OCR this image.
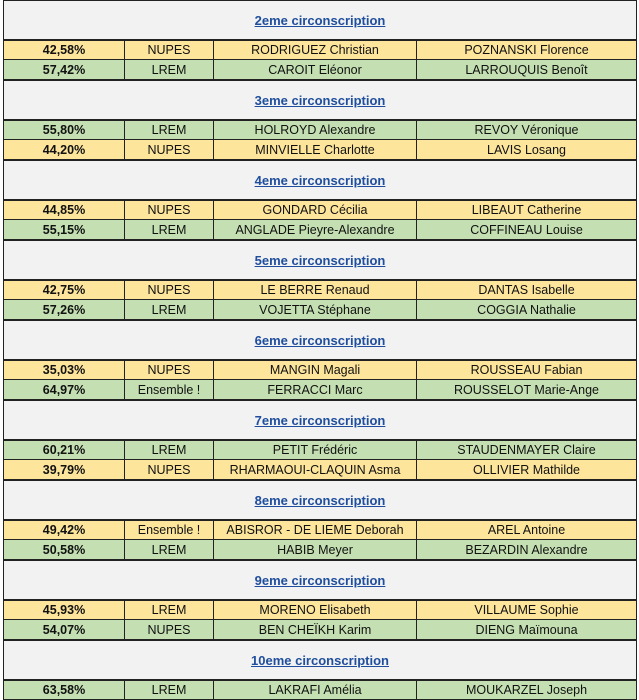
2eme circonscription
42,58%	NUPES	RODRIGUEZ Christian	POZNANSKI Florence
57,42%	LREM	CAROIT Eléonor	LARROUQUIS Benoît
3eme circonscription
55,80%	LREM	HOLROYD Alexandre	REVOY Véronique
44,20%	NUPES	MINVIELLE Charlotte	LAVIS Losang
4eme circonscription
44,85%	NUPES	GONDARD Cécilia	LIBEAUT Catherine
55,15%	LREM	ANGLADE Pieyre-Alexandre	COFFINEAU Louise
5eme circonscription
42,75%	NUPES	LE BERRE Renaud	DANTAS Isabelle
57,26%	LREM	VOJETTA Stéphane	COGGIA Nathalie
6eme circonscription
35,03%	NUPES	MANGIN Magali	ROUSSEAU Fabian
64,97%	Ensemble !	FERRACCI Marc	ROUSSELOT Marie-Ange
7eme circonscription
60,21%	LREM	PETIT Frédéric	STAUDENMAYER Claire
39,79%	NUPES	RHARMAOUI-CLAQUIN Asma	OLLIVIER Mathilde
8eme circonscription
49,42%	Ensemble !	ABISROR - DE LIEME Deborah	AREL Antoine
50,58%	LREM	HABIB Meyer	BEZARDIN Alexandre
9eme circonscription
45,93%	LREM	MORENO Elisabeth	VILLAUME Sophie
54,07%	NUPES	BEN CHEÏKH Karim	DIENG Maïmouna
10eme circonscription
63,58%	LREM	LAKRAFI Amélia	MOUKARZEL Joseph
